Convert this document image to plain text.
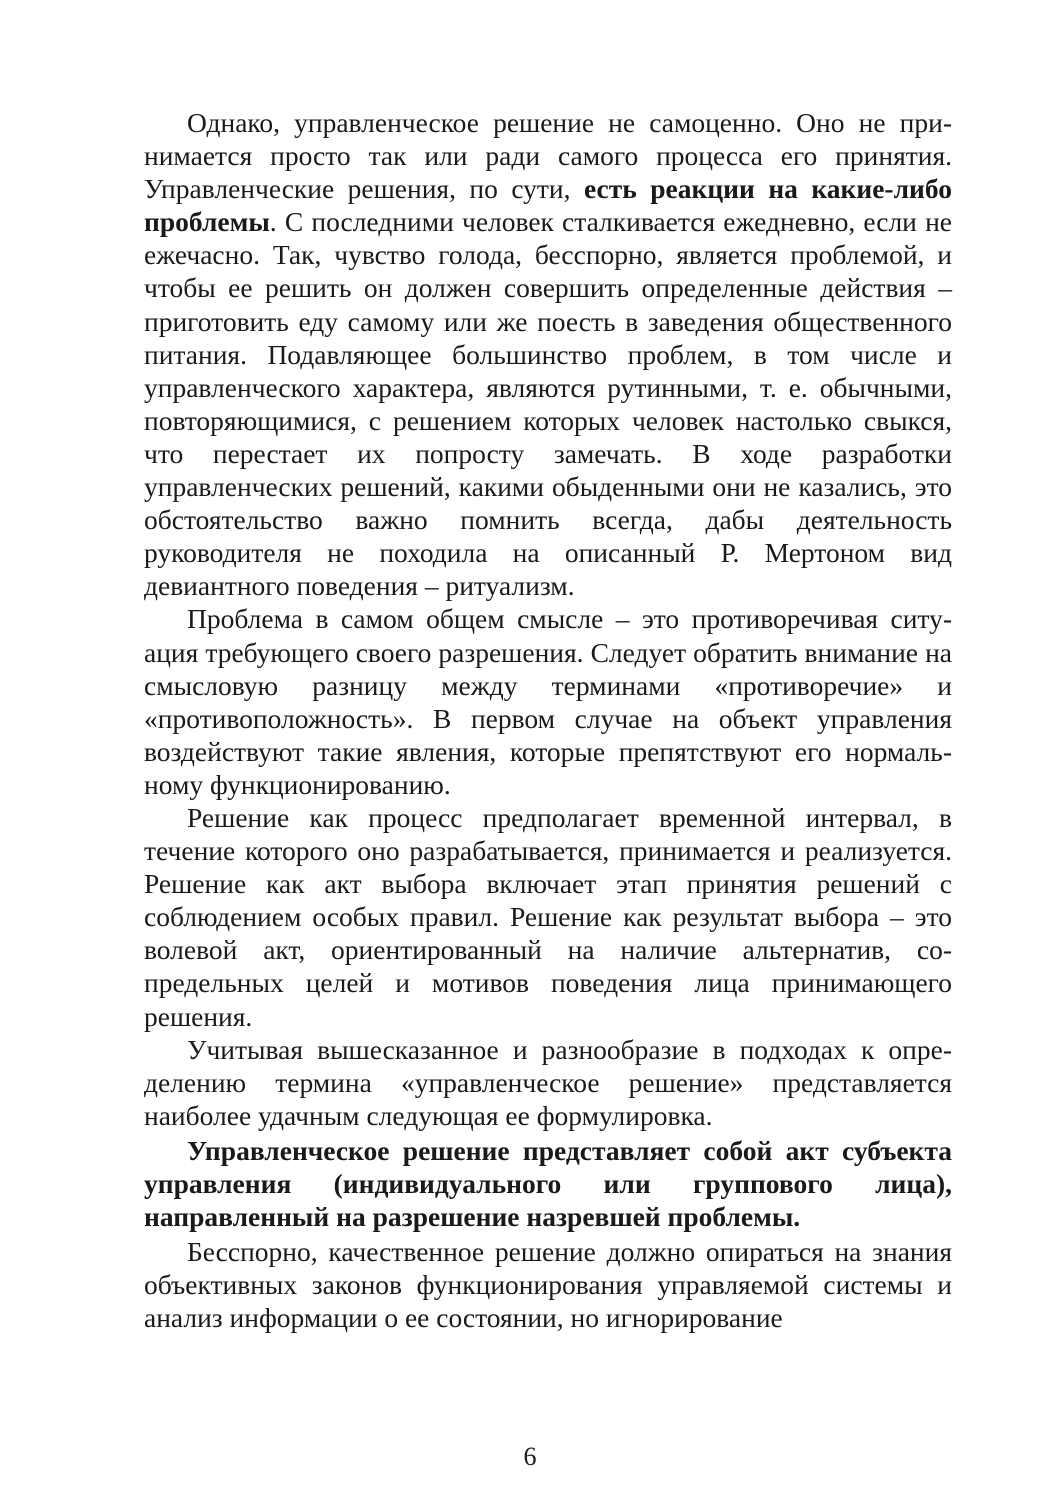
Однако, управленческое решение не самоценно. Оно не принимается просто так или ради самого процесса его принятия. Управленческие решения, по сути, есть реакции на какие-либо проблемы. С последними человек сталкивается ежедневно, если не ежечасно. Так, чувство голода, бесспорно, является проблемой, и чтобы ее решить он должен совершить определенные действия – приготовить еду самому или же поесть в заведения общественного питания. Подавляющее большинство проблем, в том числе и управленческого характера, являются рутинными, т. е. обычными, повторяющимися, с решением которых человек настолько свыкся, что перестает их попросту замечать. В ходе разработки управленческих решений, какими обыденными они не казались, это обстоятельство важно помнить всегда, дабы деятельность руководителя не походила на описанный Р. Мертоном вид девиантного поведения – ритуализм.

Проблема в самом общем смысле – это противоречивая ситуация требующего своего разрешения. Следует обратить внимание на смысловую разницу между терминами «противоречие» и «противоположность». В первом случае на объект управления воздействуют такие явления, которые препятствуют его нормальному функционированию.

Решение как процесс предполагает временной интервал, в течение которого оно разрабатывается, принимается и реализуется. Решение как акт выбора включает этап принятия решений с соблюдением особых правил. Решение как результат выбора – это волевой акт, ориентированный на наличие альтернатив, сопредельных целей и мотивов поведения лица принимающего решения.

Учитывая вышесказанное и разнообразие в подходах к определению термина «управленческое решение» представляется наиболее удачным следующая ее формулировка.

Управленческое решение представляет собой акт субъекта управления (индивидуального или группового лица), направленный на разрешение назревшей проблемы.

Бесспорно, качественное решение должно опираться на знания объективных законов функционирования управляемой системы и анализ информации о ее состоянии, но игнорирование

6
